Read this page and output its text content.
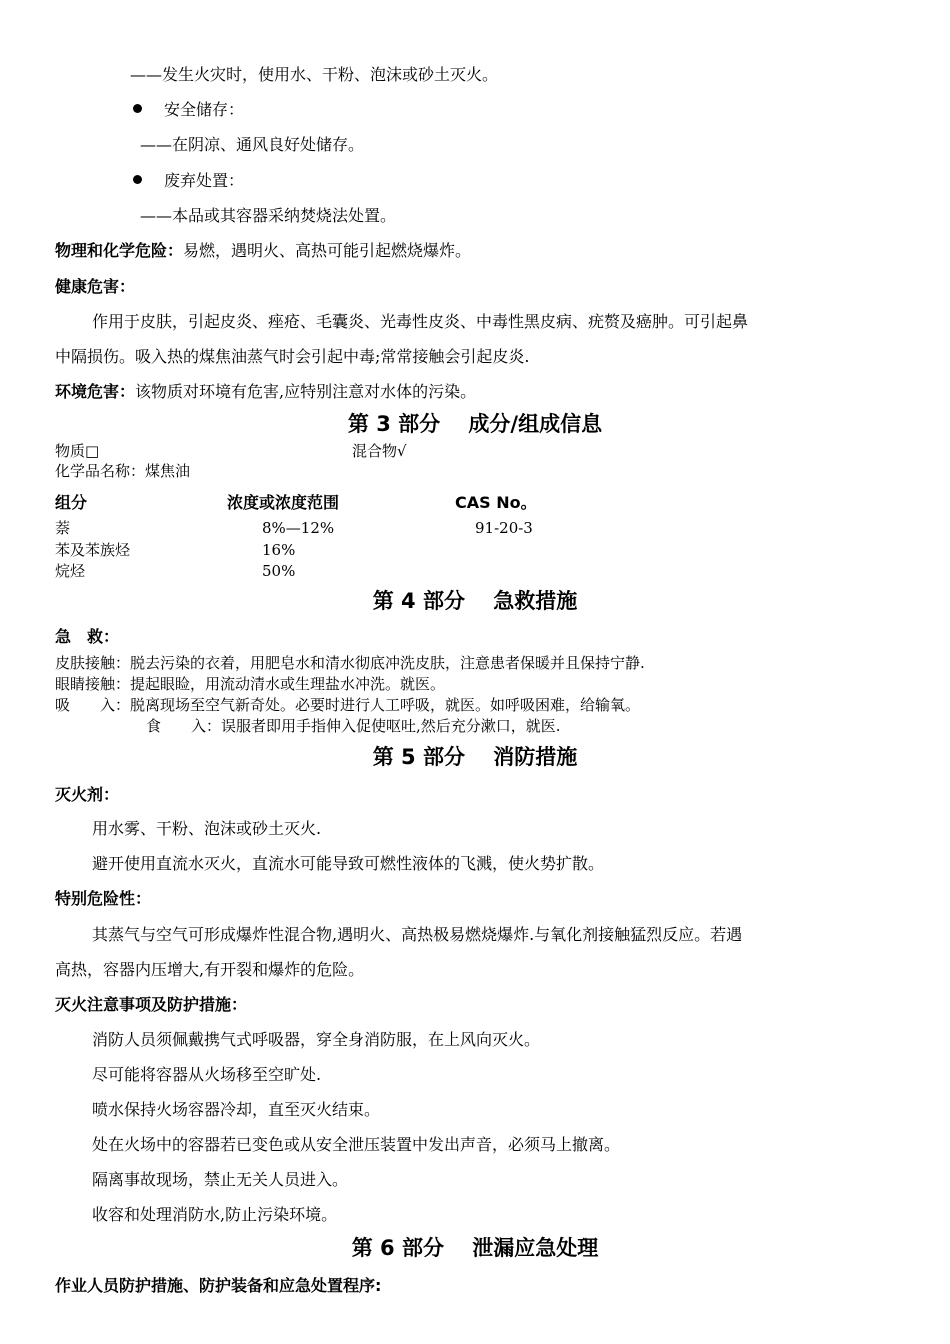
——发生火灾时，使用水、干粉、泡沫或砂土灭火。
安全储存：
——在阴凉、通风良好处储存。
废弃处置：
——本品或其容器采纳焚烧法处置。
物理和化学危险：易燃，遇明火、高热可能引起燃烧爆炸。
健康危害：
作用于皮肤，引起皮炎、痤疮、毛囊炎、光毒性皮炎、中毒性黑皮病、疣赘及癌肿。可引起鼻
中隔损伤。吸入热的煤焦油蒸气时会引起中毒;常常接触会引起皮炎.
环境危害：该物质对环境有危害,应特别注意对水体的污染。
第 3 部分　 成分/组成信息
物质□	混合物√
化学品名称：煤焦油
组分	浓度或浓度范围	CAS No。
萘	8%—12%	91-20-3
苯及苯族烃	16%
烷烃	50%
第 4 部分　 急救措施
急　救：
皮肤接触：脱去污染的衣着，用肥皂水和清水彻底冲洗皮肤，注意患者保暖并且保持宁静.
眼睛接触：提起眼睑，用流动清水或生理盐水冲洗。就医。
吸　　入：脱离现场至空气新奇处。必要时进行人工呼吸，就医。如呼吸困难，给输氧。
食　　入：误服者即用手指伸入促使呕吐,然后充分漱口，就医.
第 5 部分　 消防措施
灭火剂：
用水雾、干粉、泡沫或砂土灭火.
避开使用直流水灭火，直流水可能导致可燃性液体的飞溅，使火势扩散。
特别危险性：
其蒸气与空气可形成爆炸性混合物,遇明火、高热极易燃烧爆炸.与氧化剂接触猛烈反应。若遇
高热，容器内压增大,有开裂和爆炸的危险。
灭火注意事项及防护措施：
消防人员须佩戴携气式呼吸器，穿全身消防服，在上风向灭火。
尽可能将容器从火场移至空旷处.
喷水保持火场容器冷却，直至灭火结束。
处在火场中的容器若已变色或从安全泄压装置中发出声音，必须马上撤离。
隔离事故现场，禁止无关人员进入。
收容和处理消防水,防止污染环境。
第 6 部分　 泄漏应急处理
作业人员防护措施、防护装备和应急处置程序:
